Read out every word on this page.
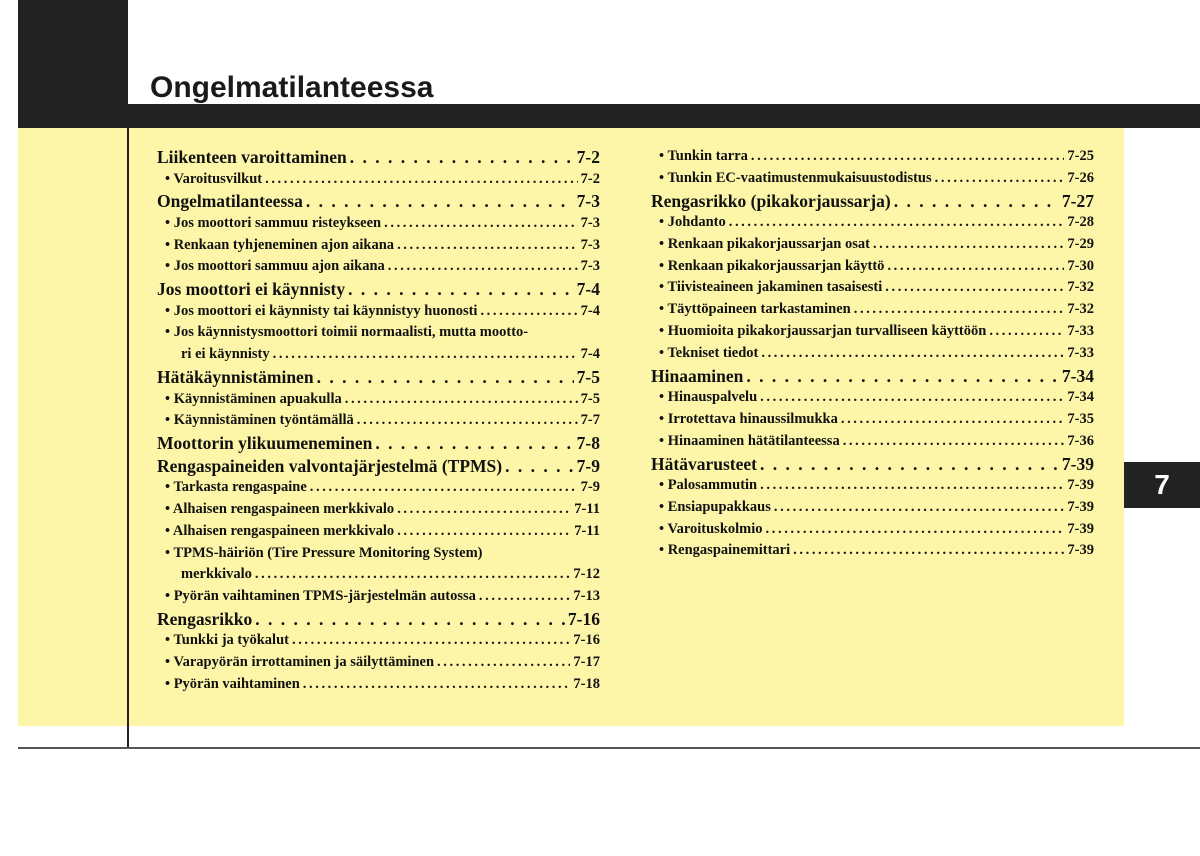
Ongelmatilanteessa
7
Liikenteen varoittaminen . . .	7-2
• Varoitusvilkut .....	7-2
Ongelmatilanteessa . . .	7-3
• Jos moottori sammuu risteykseen .....	7-3
• Renkaan tyhjeneminen ajon aikana .....	7-3
• Jos moottori sammuu ajon aikana .....	7-3
Jos moottori ei käynnisty . . .	7-4
• Jos moottori ei käynnisty tai käynnistyy huonosti .....	7-4
• Jos käynnistysmoottori toimii normaalisti, mutta mootto-
ri ei käynnisty .....	7-4
Hätäkäynnistäminen . . .	7-5
• Käynnistäminen apuakulla .....	7-5
• Käynnistäminen työntämällä .....	7-7
Moottorin ylikuumeneminen . . .	7-8
Rengaspaineiden valvontajärjestelmä (TPMS) . . .	7-9
• Tarkasta rengaspaine .....	7-9
• Alhaisen rengaspaineen merkkivalo .....	7-11
• Alhaisen rengaspaineen merkkivalo .....	7-11
• TPMS-häiriön (Tire Pressure Monitoring System)
merkkivalo .....	7-12
• Pyörän vaihtaminen TPMS-järjestelmän autossa .....	7-13
Rengasrikko . . .	7-16
• Tunkki ja työkalut .....	7-16
• Varapyörän irrottaminen ja säilyttäminen .....	7-17
• Pyörän vaihtaminen .....	7-18
• Tunkin tarra .....	7-25
• Tunkin EC-vaatimustenmukaisuustodistus .....	7-26
Rengasrikko (pikakorjaussarja) . . .	7-27
• Johdanto .....	7-28
• Renkaan pikakorjaussarjan osat .....	7-29
• Renkaan pikakorjaussarjan käyttö .....	7-30
• Tiivisteaineen jakaminen tasaisesti .....	7-32
• Täyttöpaineen tarkastaminen .....	7-32
• Huomioita pikakorjaussarjan turvalliseen käyttöön .....	7-33
• Tekniset tiedot .....	7-33
Hinaaminen . . .	7-34
• Hinauspalvelu .....	7-34
• Irrotettava hinaussilmukka .....	7-35
• Hinaaminen hätätilanteessa .....	7-36
Hätävarusteet . . .	7-39
• Palosammutin .....	7-39
• Ensiapupakkaus .....	7-39
• Varoituskolmio .....	7-39
• Rengaspainemittari .....	7-39
